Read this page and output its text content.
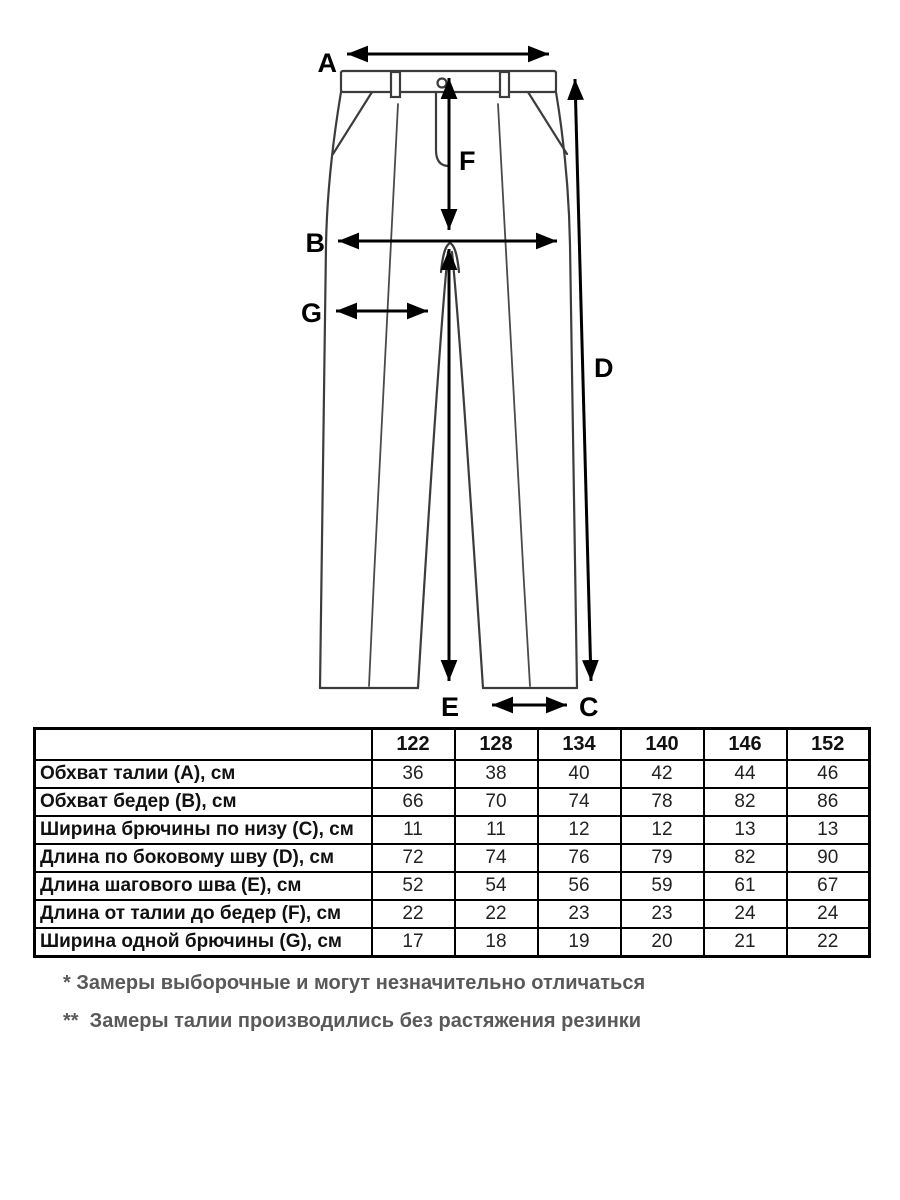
A
F
B
G
D
E	C
	122	128	134	140	146	152
Обхват талии (A), см	36	38	40	42	44	46
Обхват бедер (B), см	66	70	74	78	82	86
Ширина брючины по низу (C), см	11	11	12	12	13	13
Длина по боковому шву (D), см	72	74	76	79	82	90
Длина шагового шва (E), см	52	54	56	59	61	67
Длина от талии до бедер (F), см	22	22	23	23	24	24
Ширина одной брючины (G), см	17	18	19	20	21	22

* Замеры выборочные и могут незначительно отличаться

**  Замеры талии производились без растяжения резинки
